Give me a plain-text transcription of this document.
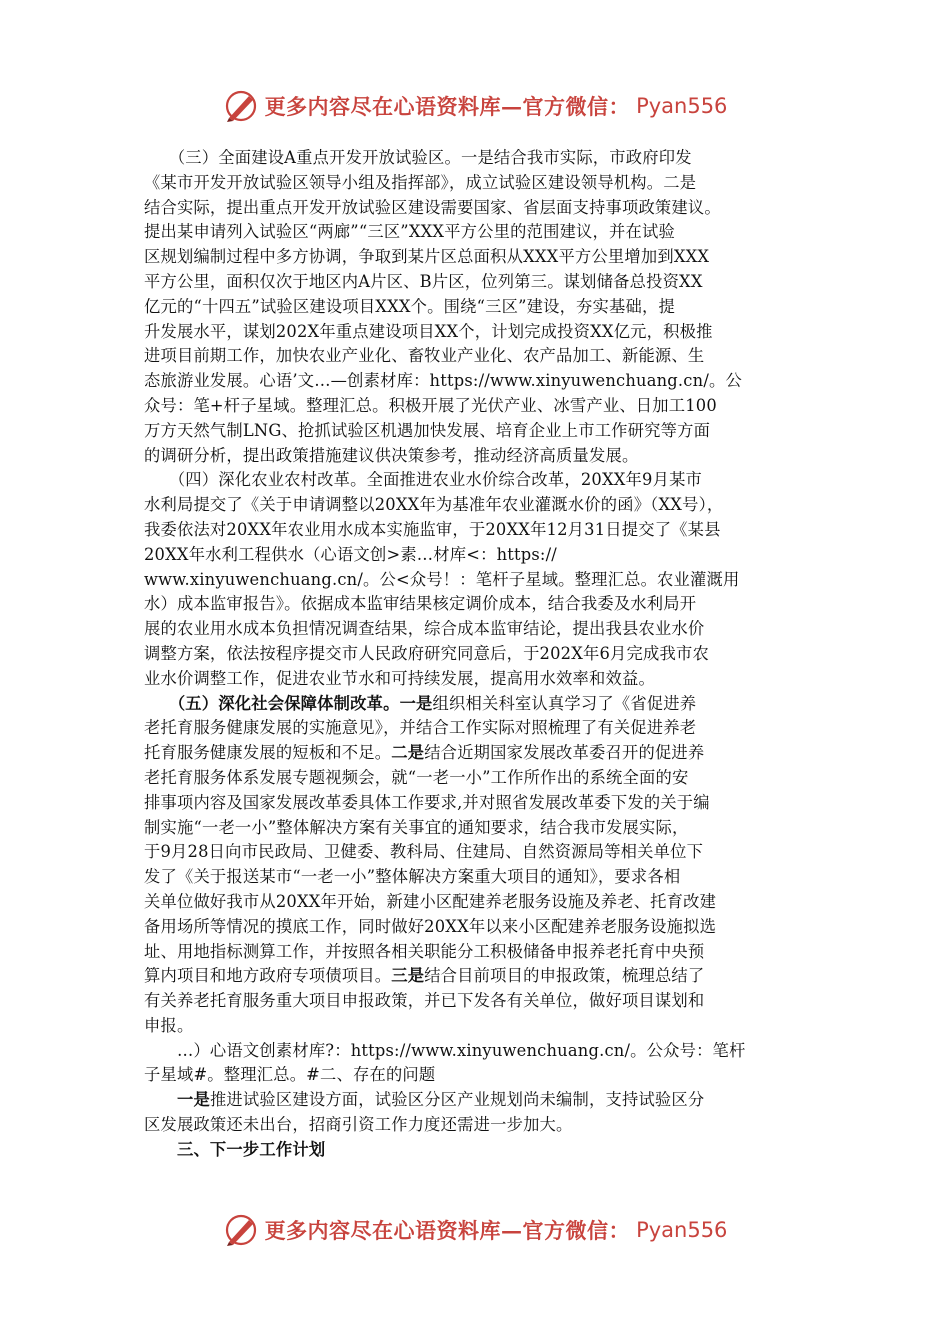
更多内容尽在心语资料库—官方微信： Pyan556
　　（三）全面建设A重点开发开放试验区。一是结合我市实际，市政府印发
《某市开发开放试验区领导小组及指挥部》，成立试验区建设领导机构。二是
结合实际，提出重点开发开放试验区建设需要国家、省层面支持事项政策建议。
提出某申请列入试验区“两廊”“三区”XXX平方公里的范围建议，并在试验
区规划编制过程中多方协调，争取到某片区总面积从XXX平方公里增加到XXX
平方公里，面积仅次于地区内A片区、B片区，位列第三。谋划储备总投资XX
亿元的“十四五”试验区建设项目XXX个。围绕“三区”建设，夯实基础，提
升发展水平，谋划202X年重点建设项目XX个，计划完成投资XX亿元，积极推
进项目前期工作，加快农业产业化、畜牧业产业化、农产品加工、新能源、生
态旅游业发展。心语’文…—创素材库：https://www.xinyuwenchuang.cn/。公
众号：笔+杆子星域。整理汇总。积极开展了光伏产业、冰雪产业、日加工100
万方天然气制LNG、抢抓试验区机遇加快发展、培育企业上市工作研究等方面
的调研分析，提出政策措施建议供决策参考，推动经济高质量发展。
　　（四）深化农业农村改革。全面推进农业水价综合改革，20XX年9月某市
水利局提交了《关于申请调整以20XX年为基准年农业灌溉水价的函》（XX号），
我委依法对20XX年农业用水成本实施监审，于20XX年12月31日提交了《某县
20XX年水利工程供水（心语文创>素…材库<：https://
www.xinyuwenchuang.cn/。公<众号！：笔杆子星域。整理汇总。农业灌溉用
水）成本监审报告》。依据成本监审结果核定调价成本，结合我委及水利局开
展的农业用水成本负担情况调查结果，综合成本监审结论，提出我县农业水价
调整方案，依法按程序提交市人民政府研究同意后，于202X年6月完成我市农
业水价调整工作，促进农业节水和可持续发展，提高用水效率和效益。
　　（五）深化社会保障体制改革。一是组织相关科室认真学习了《省促进养
老托育服务健康发展的实施意见》，并结合工作实际对照梳理了有关促进养老
托育服务健康发展的短板和不足。二是结合近期国家发展改革委召开的促进养
老托育服务体系发展专题视频会，就“一老一小”工作所作出的系统全面的安
排事项内容及国家发展改革委具体工作要求,并对照省发展改革委下发的关于编
制实施“一老一小”整体解决方案有关事宜的通知要求，结合我市发展实际，
于9月28日向市民政局、卫健委、教科局、住建局、自然资源局等相关单位下
发了《关于报送某市“一老一小”整体解决方案重大项目的通知》，要求各相
关单位做好我市从20XX年开始，新建小区配建养老服务设施及养老、托育改建
备用场所等情况的摸底工作，同时做好20XX年以来小区配建养老服务设施拟选
址、用地指标测算工作，并按照各相关职能分工积极储备申报养老托育中央预
算内项目和地方政府专项债项目。三是结合目前项目的申报政策，梳理总结了
有关养老托育服务重大项目申报政策，并已下发各有关单位，做好项目谋划和
申报。
　　…）心语文创素材库?：https://www.xinyuwenchuang.cn/。公众号：笔杆
子星域#。整理汇总。#二、存在的问题
　　一是推进试验区建设方面，试验区分区产业规划尚未编制，支持试验区分
区发展政策还未出台，招商引资工作力度还需进一步加大。
　　三、下一步工作计划
更多内容尽在心语资料库—官方微信： Pyan556
